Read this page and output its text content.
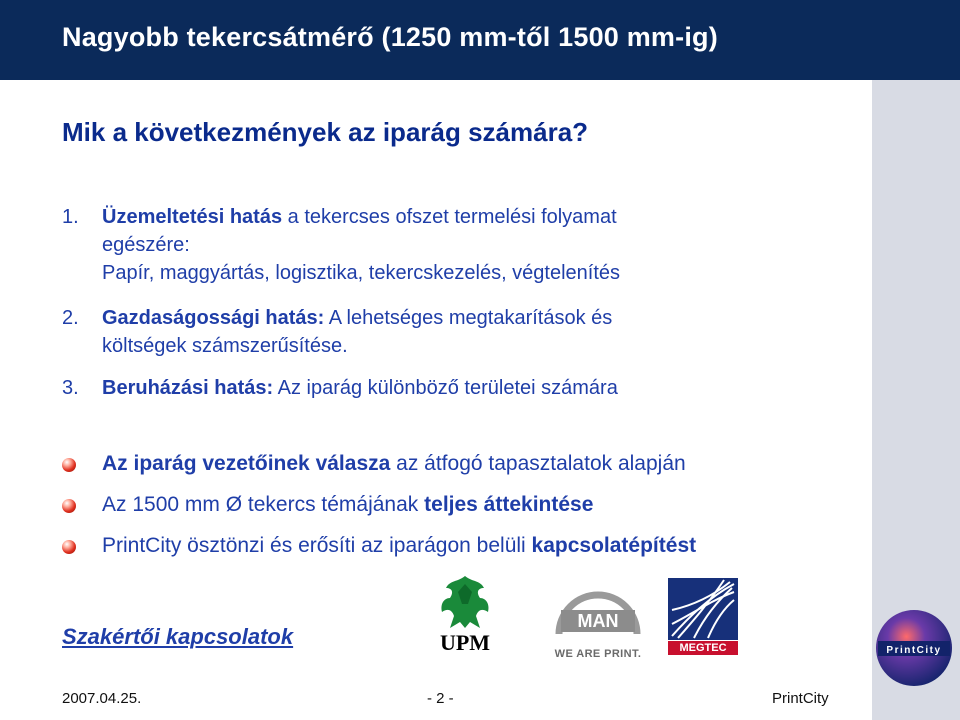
Nagyobb tekercsátmérő (1250 mm-től 1500 mm-ig)
Mik a következmények az iparág számára?
1. Üzemeltetési hatás a tekercses ofszet termelési folyamat
egészére:
Papír, maggyártás, logisztika, tekercskezelés, végtelenítés
2. Gazdaságossági hatás: A lehetséges megtakarítások és
költségek számszerűsítése.
3. Beruházási hatás: Az iparág különböző területei számára
Az iparág vezetőinek válasza az átfogó tapasztalatok alapján
Az 1500 mm Ø tekercs témájának teljes áttekintése
PrintCity ösztönzi és erősíti az iparágon belüli kapcsolatépítést
Szakértői kapcsolatok	UPM
MAN
WE ARE PRINT.	MEGTEC	PrintCity
2007.04.25.	- 2 -	PrintCity
